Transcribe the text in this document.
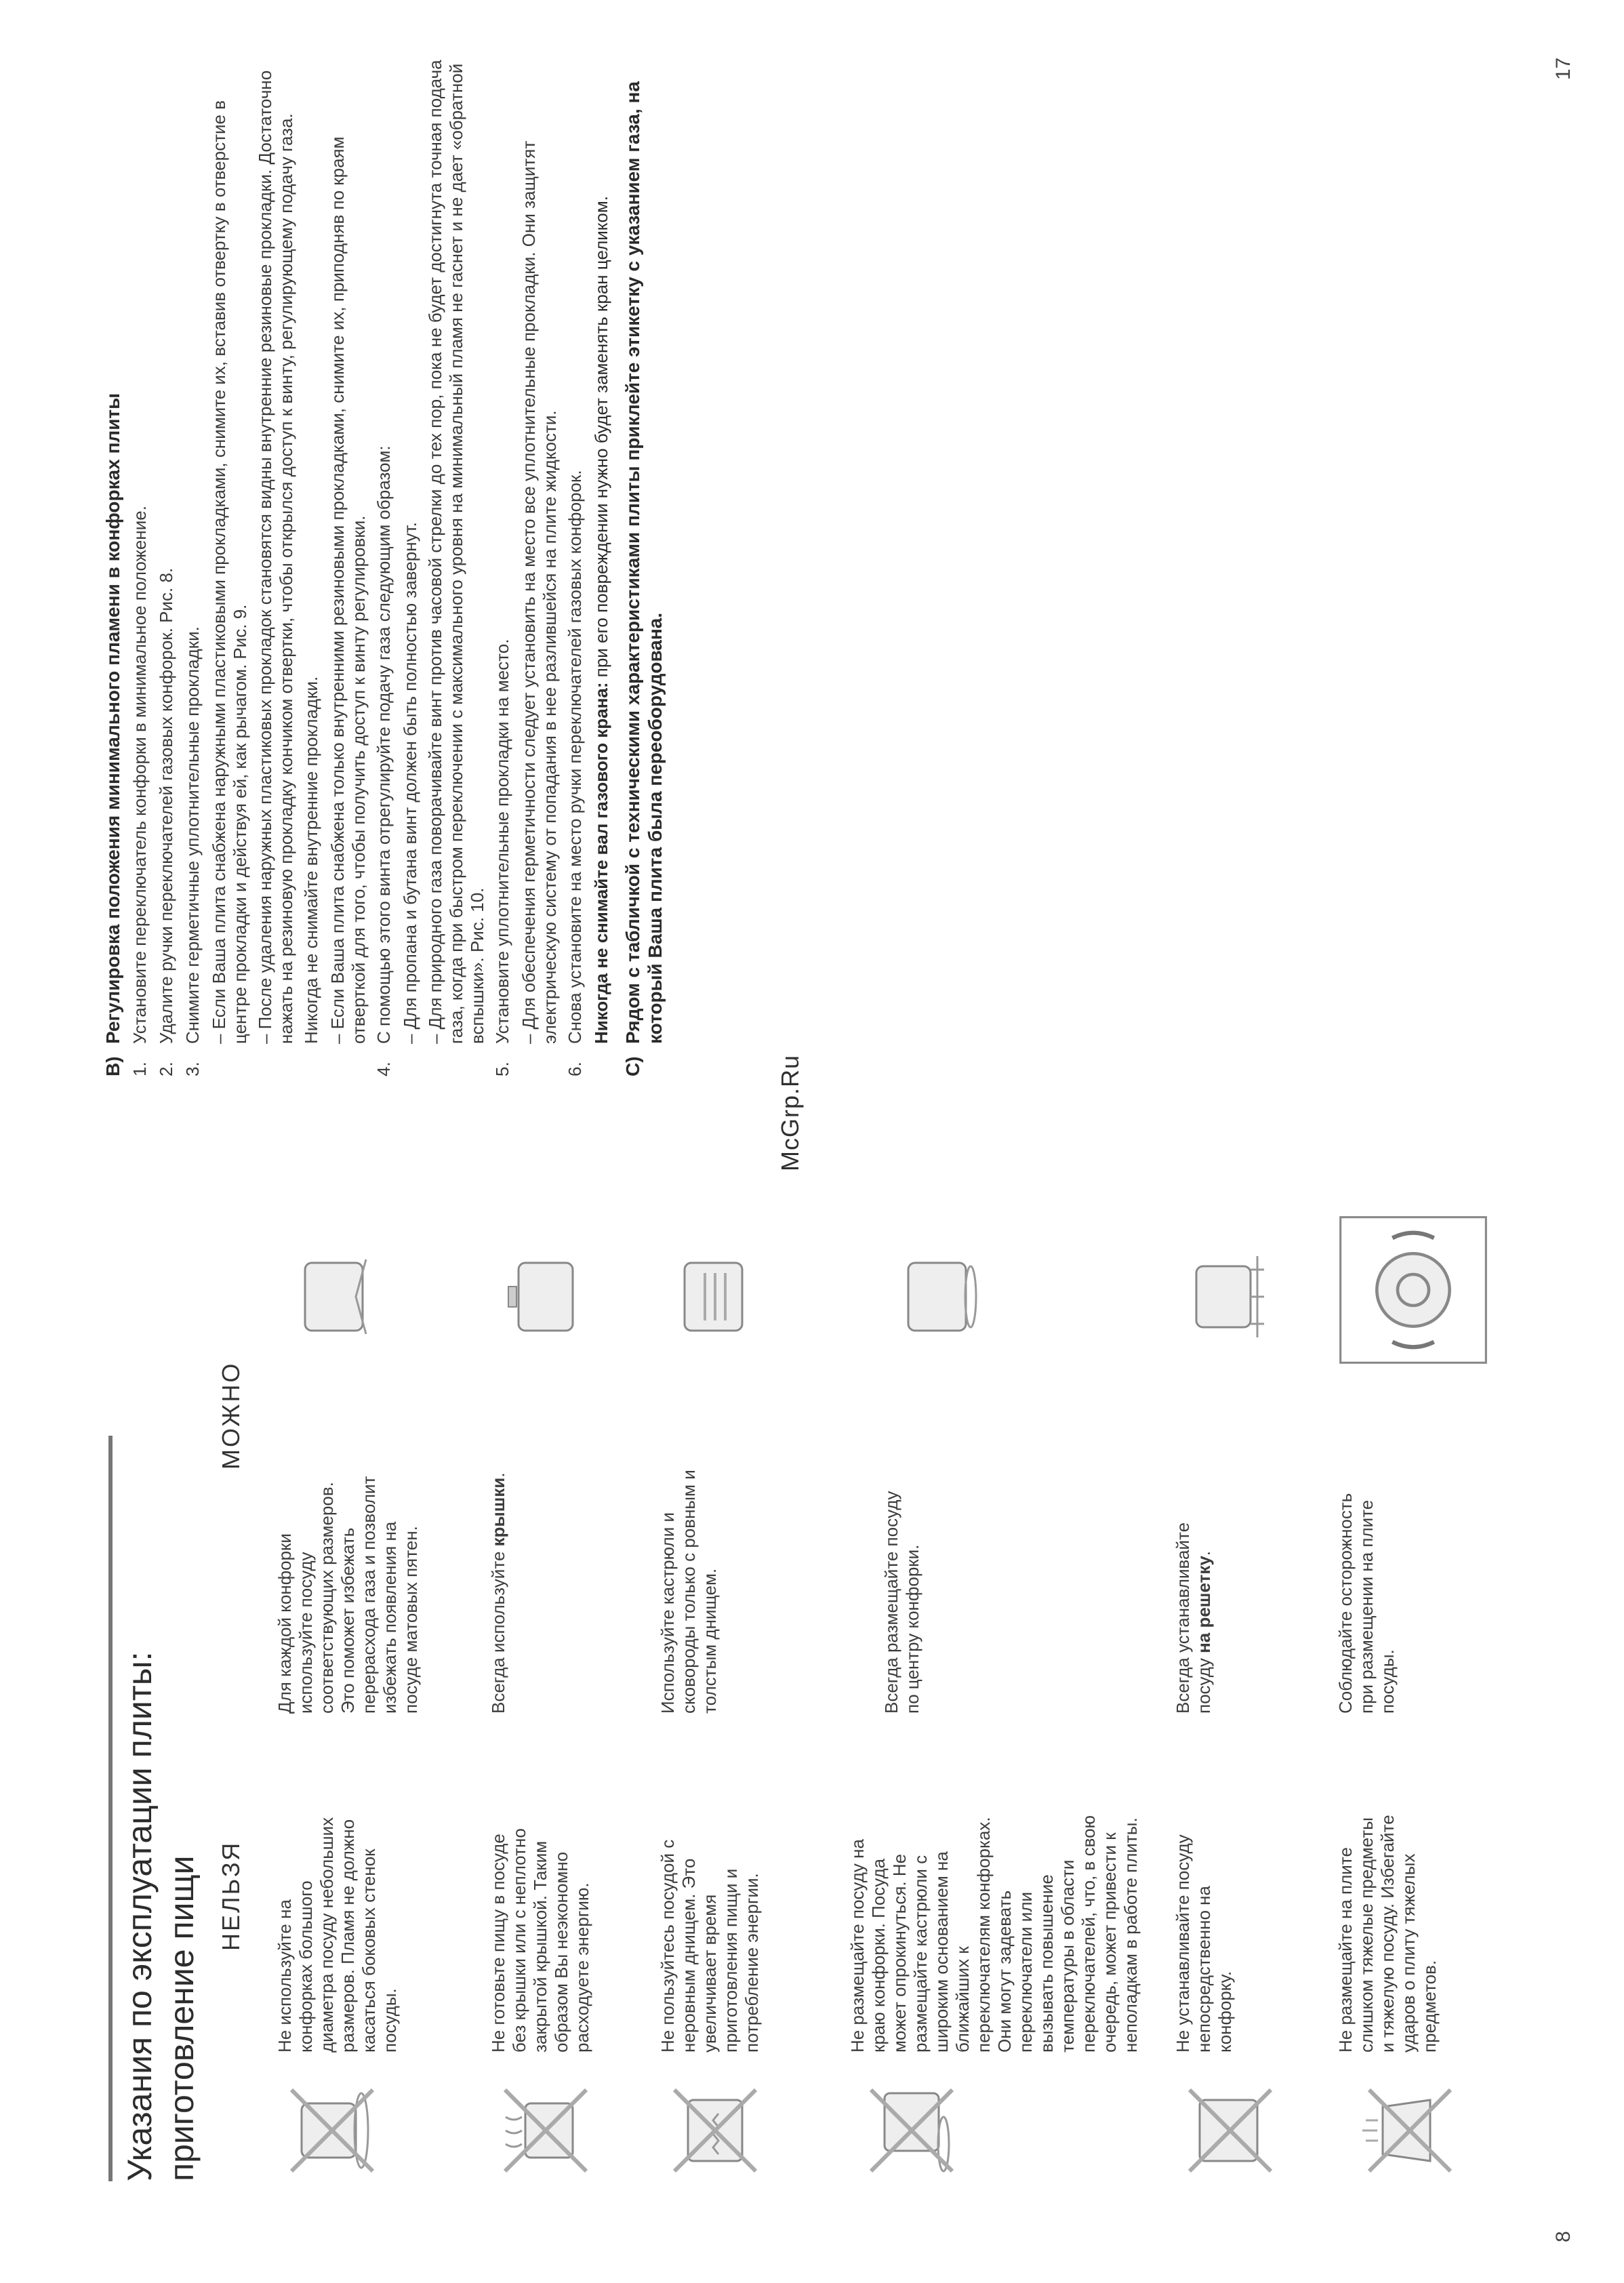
8
17
McGrp.Ru
Указания по эксплуатации плиты: приготовление пищи НЕЛЬЗЯ
МОЖНО
Не используйте на конфорках большого диаметра посуду небольших размеров. Пламя не должно касаться боковых стенок посуды.
Для каждой конфорки используйте посуду соответствующих размеров. Это поможет избежать перерасхода газа и позволит избежать появления на посуде матовых пятен.
Не готовьте пищу в посуде без крышки или с неплотно закрытой крышкой. Таким образом Вы неэкономно расходуете энергию.
Всегда используйте крышки.
Не пользуйтесь посудой с неровным днищем. Это увеличивает время приготовления пищи и потребление энергии.
Используйте кастрюли и сковороды только с ровным и толстым днищем.
Не размещайте посуду на краю конфорки. Посуда может опрокинуться. Не размещайте кастрюли с широким основанием на ближайших к переключателям конфорках. Они могут задевать переключатели или вызывать повышение температуры в области переключателей, что, в свою очередь, может привести к неполадкам в работе плиты.
Всегда размещайте посуду по центру конфорки.
Не устанавливайте посуду непосредственно на конфорку.
Всегда устанавливайте посуду на решетку.
Не размещайте на плите слишком тяжелые предметы и тяжелую посуду. Избегайте ударов о плиту тяжелых предметов.
Соблюдайте осторожность при размещении на плите посуды.
B)
Регулировка положения минимального пламени в конфорках плиты
1.
Установите переключатель конфорки в минимальное положение.
2.
Удалите ручки переключателей газовых конфорок. Рис. 8.
3.
Снимите герметичные уплотнительные прокладки. – Если Ваша плита снабжена наружными пластиковыми прокладками, снимите их, вставив отвертку в отверстие в центре прокладки и действуя ей, как рычагом. Рис. 9. – После удаления наружных пластиковых прокладок становятся видны внутренние резиновые прокладки. Достаточно нажать на резиновую прокладку кончиком отвертки, чтобы открылся доступ к винту, регулирующему подачу газа. Никогда не снимайте внутренние прокладки. – Если Ваша плита снабжена только внутренними резиновыми прокладками, снимите их, приподняв по краям отверткой для того, чтобы получить доступ к винту регулировки.
4.
С помощью этого винта отрегулируйте подачу газа следующим образом: – Для пропана и бутана винт должен быть полностью завернут. – Для природного газа поворачивайте винт против часовой стрелки до тех пор, пока не будет достигнута точная подача газа, когда при быстром переключении с максимального уровня на минимальный пламя не гаснет и не дает «обратной вспышки». Рис. 10.
5.
Установите уплотнительные прокладки на место. – Для обеспечения герметичности следует установить на место все уплотнительные прокладки. Они защитят электрическую систему от попадания в нее разлившейся на плите жидкости.
6.
Снова установите на место ручки переключателей газовых конфорок. Никогда не снимайте вал газового крана: при его повреждении нужно будет заменять кран целиком.
C)
Рядом с табличкой с техническими характеристиками плиты приклейте этикетку с указанием газа, на который Ваша плита была переоборудована.
